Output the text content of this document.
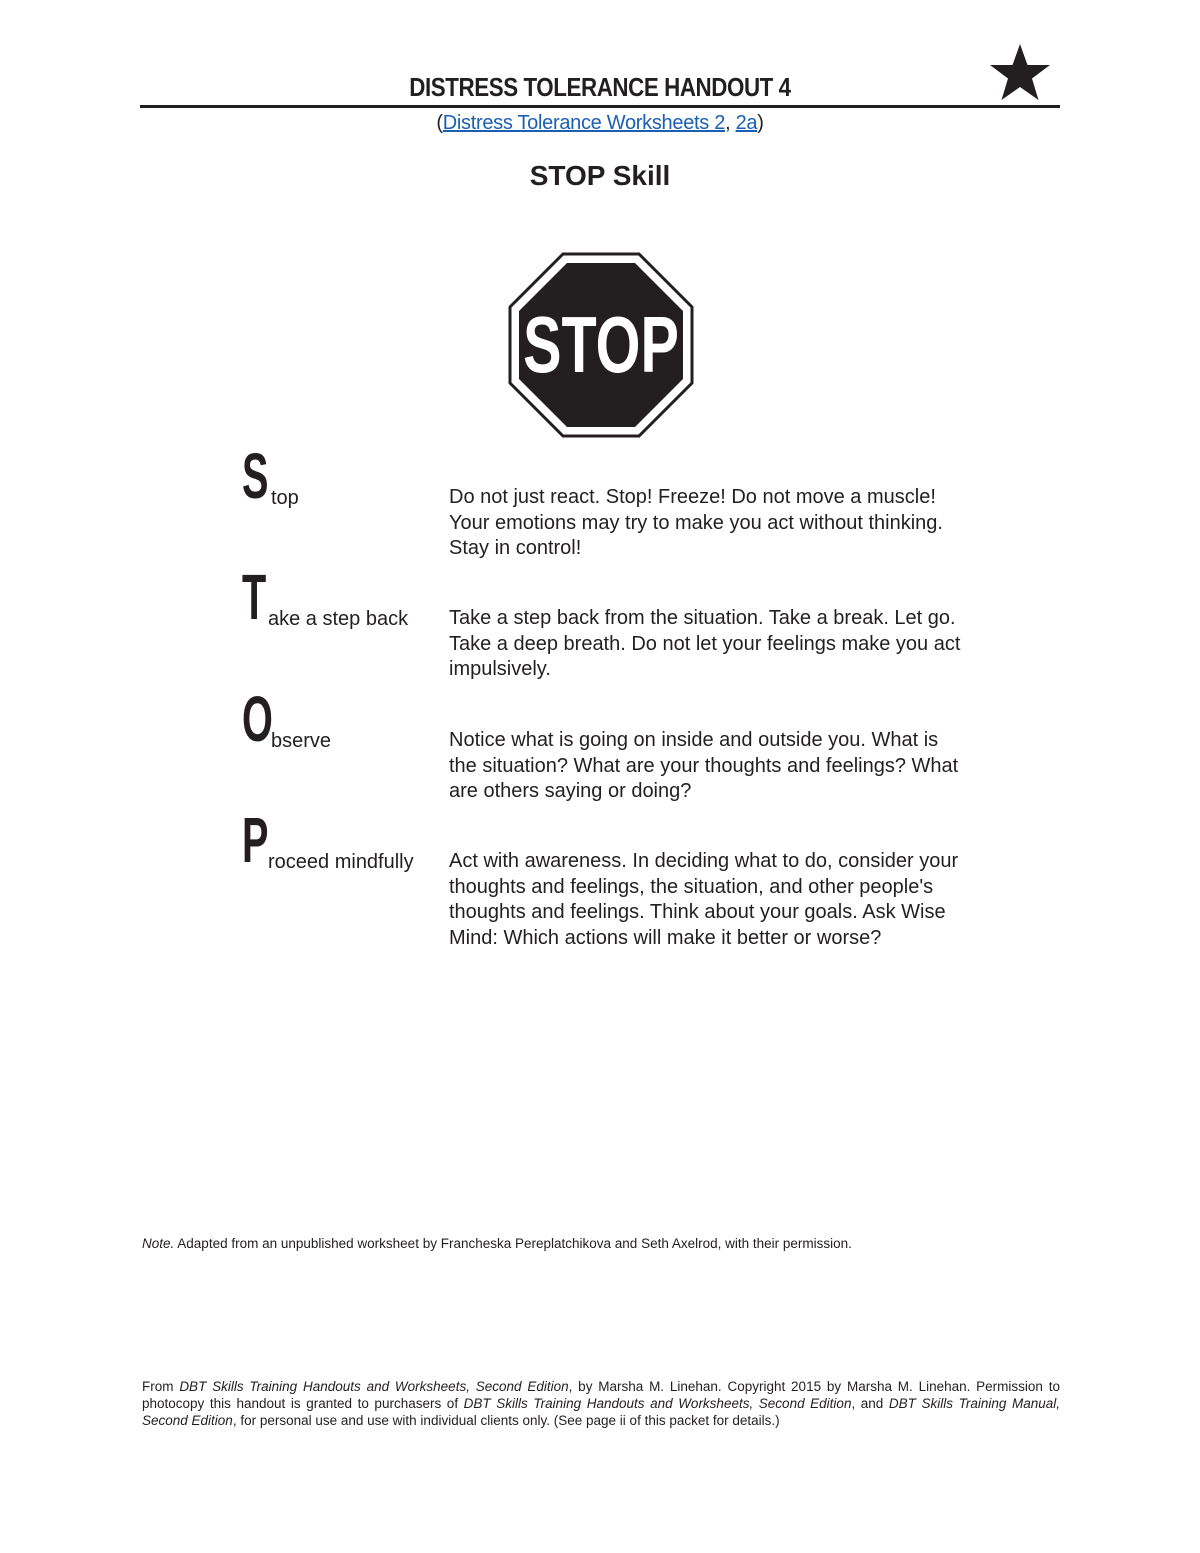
DISTRESS TOLERANCE HANDOUT 4
(Distress Tolerance Worksheets 2, 2a)
STOP Skill
STOP
S top	Do not just react. Stop! Freeze! Do not move a muscle! Your emotions may try to make you act without thinking. Stay in control!
T ake a step back Take a step back from the situation. Take a break. Let go. Take a deep breath. Do not let your feelings make you act impulsively.
O
bserve	Notice what is going on inside and outside you. What is the situation? What are your thoughts and feelings? What are others saying or doing?
P roceed mindfully Act with awareness. In deciding what to do, consider your thoughts and feelings, the situation, and other people's thoughts and feelings. Think about your goals. Ask Wise Mind: Which actions will make it better or worse?
Note. Adapted from an unpublished worksheet by Francheska Pereplatchikova and Seth Axelrod, with their permission.
From DBT Skills Training Handouts and Worksheets, Second Edition, by Marsha M. Linehan. Copyright 2015 by Marsha M. Linehan. Permission to photocopy this handout is granted to purchasers of DBT Skills Training Handouts and Worksheets, Second Edition, and DBT Skills Training Manual, Second Edition, for personal use and use with individual clients only. (See page ii of this packet for details.)
